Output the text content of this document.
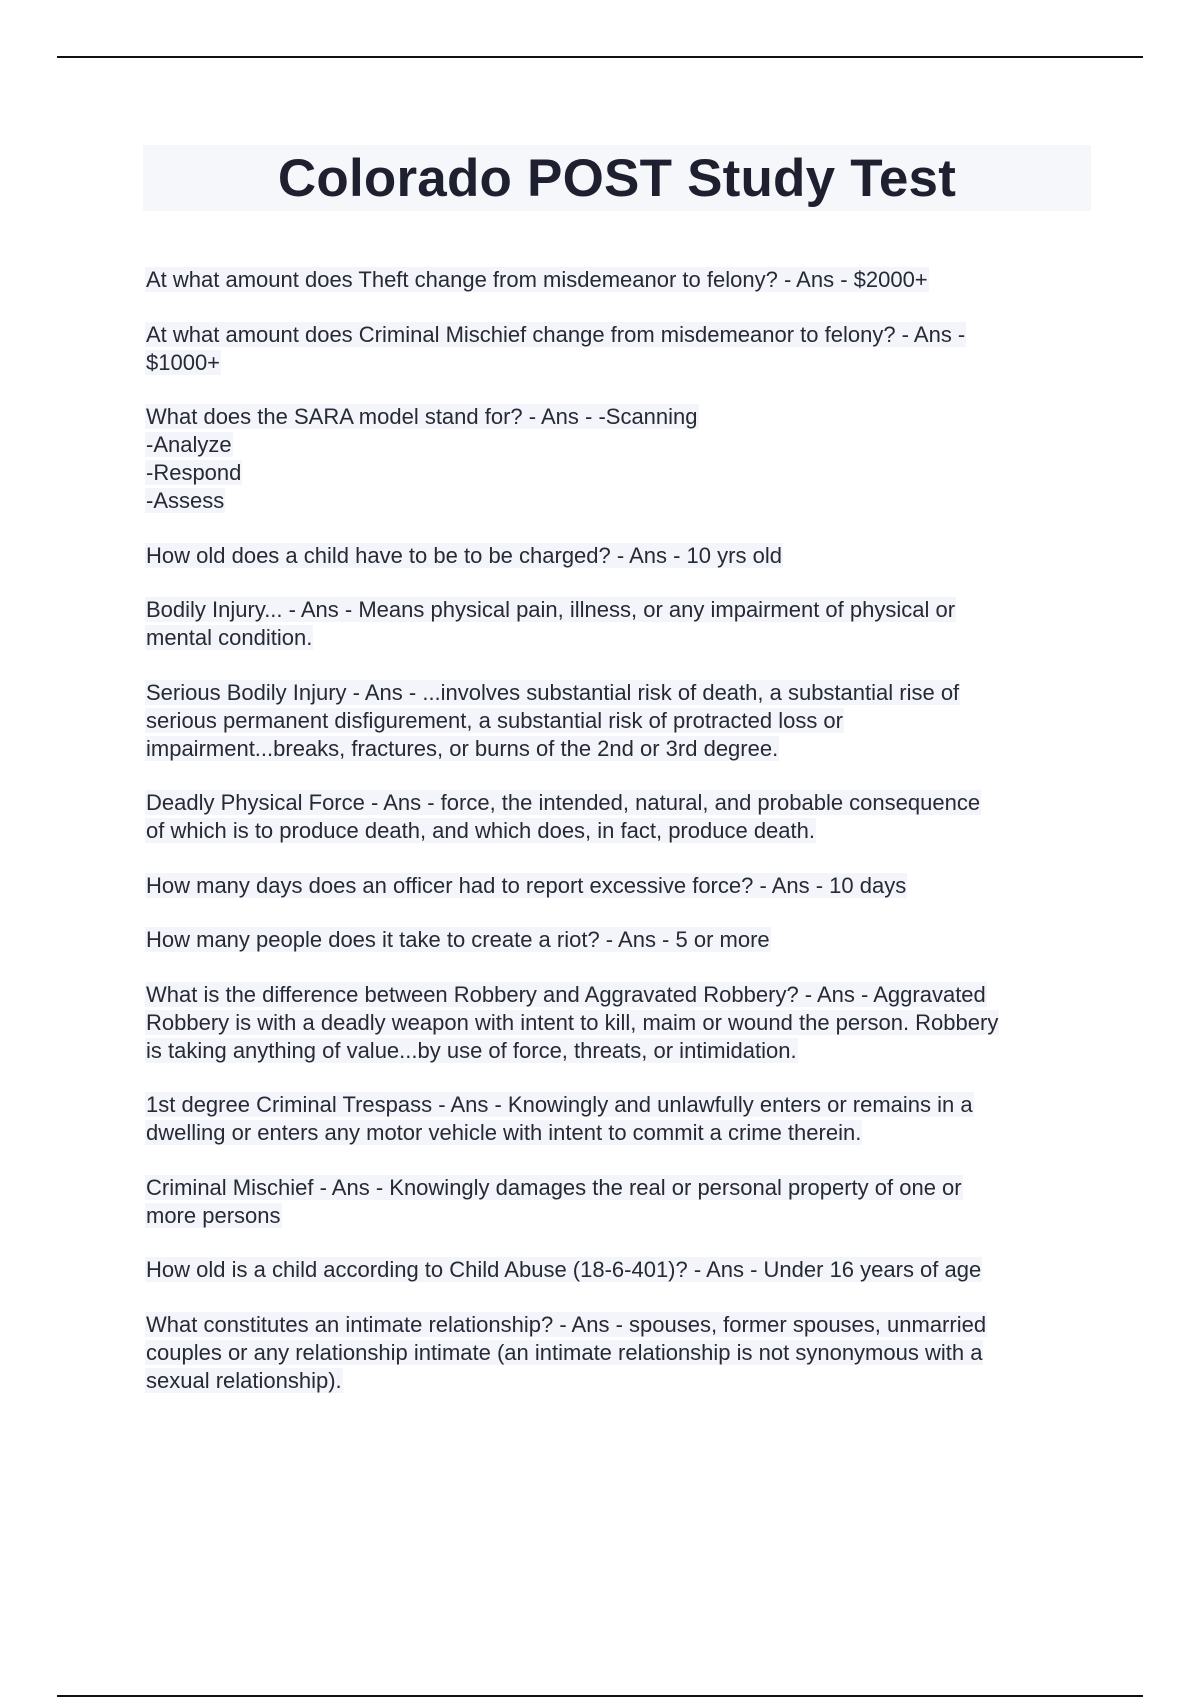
Colorado POST Study Test

At what amount does Theft change from misdemeanor to felony? - Ans - $2000+

At what amount does Criminal Mischief change from misdemeanor to felony? - Ans -
$1000+

What does the SARA model stand for? - Ans - -Scanning
-Analyze
-Respond
-Assess

How old does a child have to be to be charged? - Ans - 10 yrs old

Bodily Injury... - Ans - Means physical pain, illness, or any impairment of physical or
mental condition.

Serious Bodily Injury - Ans - ...involves substantial risk of death, a substantial rise of
serious permanent disfigurement, a substantial risk of protracted loss or
impairment...breaks, fractures, or burns of the 2nd or 3rd degree.

Deadly Physical Force - Ans - force, the intended, natural, and probable consequence
of which is to produce death, and which does, in fact, produce death.

How many days does an officer had to report excessive force? - Ans - 10 days

How many people does it take to create a riot? - Ans - 5 or more

What is the difference between Robbery and Aggravated Robbery? - Ans - Aggravated
Robbery is with a deadly weapon with intent to kill, maim or wound the person. Robbery
is taking anything of value...by use of force, threats, or intimidation.

1st degree Criminal Trespass - Ans - Knowingly and unlawfully enters or remains in a
dwelling or enters any motor vehicle with intent to commit a crime therein.

Criminal Mischief - Ans - Knowingly damages the real or personal property of one or
more persons

How old is a child according to Child Abuse (18-6-401)? - Ans - Under 16 years of age

What constitutes an intimate relationship? - Ans - spouses, former spouses, unmarried
couples or any relationship intimate (an intimate relationship is not synonymous with a
sexual relationship).
